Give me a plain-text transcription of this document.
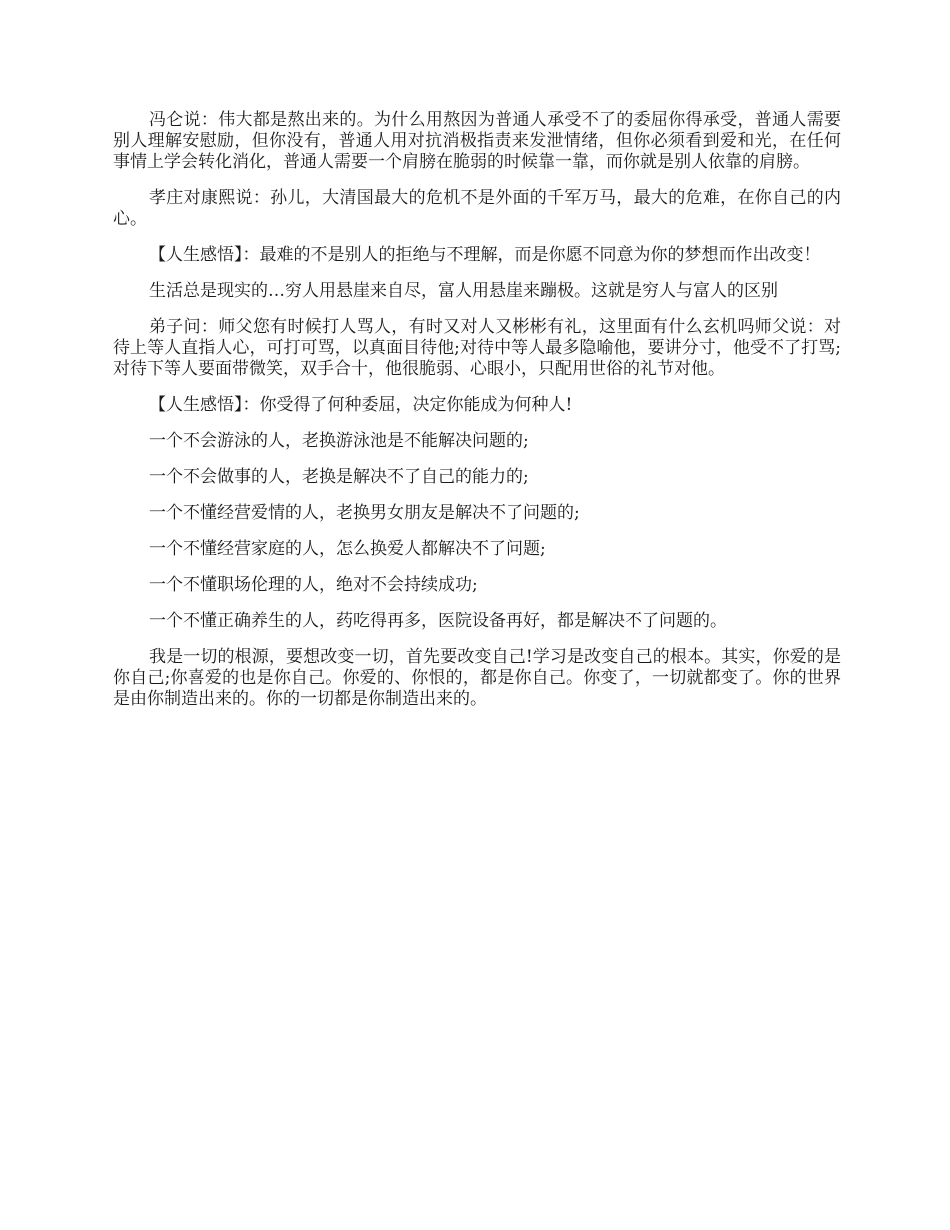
冯仑说：伟大都是熬出来的。为什么用熬因为普通人承受不了的委屈你得承受，普通人需要别人理解安慰励，但你没有，普通人用对抗消极指责来发泄情绪，但你必须看到爱和光，在任何事情上学会转化消化，普通人需要一个肩膀在脆弱的时候靠一靠，而你就是别人依靠的肩膀。

孝庄对康熙说：孙儿，大清国最大的危机不是外面的千军万马，最大的危难，在你自己的内心。

【人生感悟】：最难的不是别人的拒绝与不理解，而是你愿不同意为你的梦想而作出改变！

生活总是现实的…穷人用悬崖来自尽，富人用悬崖来蹦极。这就是穷人与富人的区别

弟子问：师父您有时候打人骂人，有时又对人又彬彬有礼，这里面有什么玄机吗师父说：对待上等人直指人心，可打可骂，以真面目待他;对待中等人最多隐喻他，要讲分寸，他受不了打骂;对待下等人要面带微笑，双手合十，他很脆弱、心眼小，只配用世俗的礼节对他。

【人生感悟】：你受得了何种委屈，决定你能成为何种人!

一个不会游泳的人，老换游泳池是不能解决问题的;

一个不会做事的人，老换是解决不了自己的能力的;

一个不懂经营爱情的人，老换男女朋友是解决不了问题的;

一个不懂经营家庭的人，怎么换爱人都解决不了问题;

一个不懂职场伦理的人，绝对不会持续成功;

一个不懂正确养生的人，药吃得再多，医院设备再好，都是解决不了问题的。

我是一切的根源，要想改变一切，首先要改变自己!学习是改变自己的根本。其实，你爱的是你自己;你喜爱的也是你自己。你爱的、你恨的，都是你自己。你变了，一切就都变了。你的世界是由你制造出来的。你的一切都是你制造出来的。
